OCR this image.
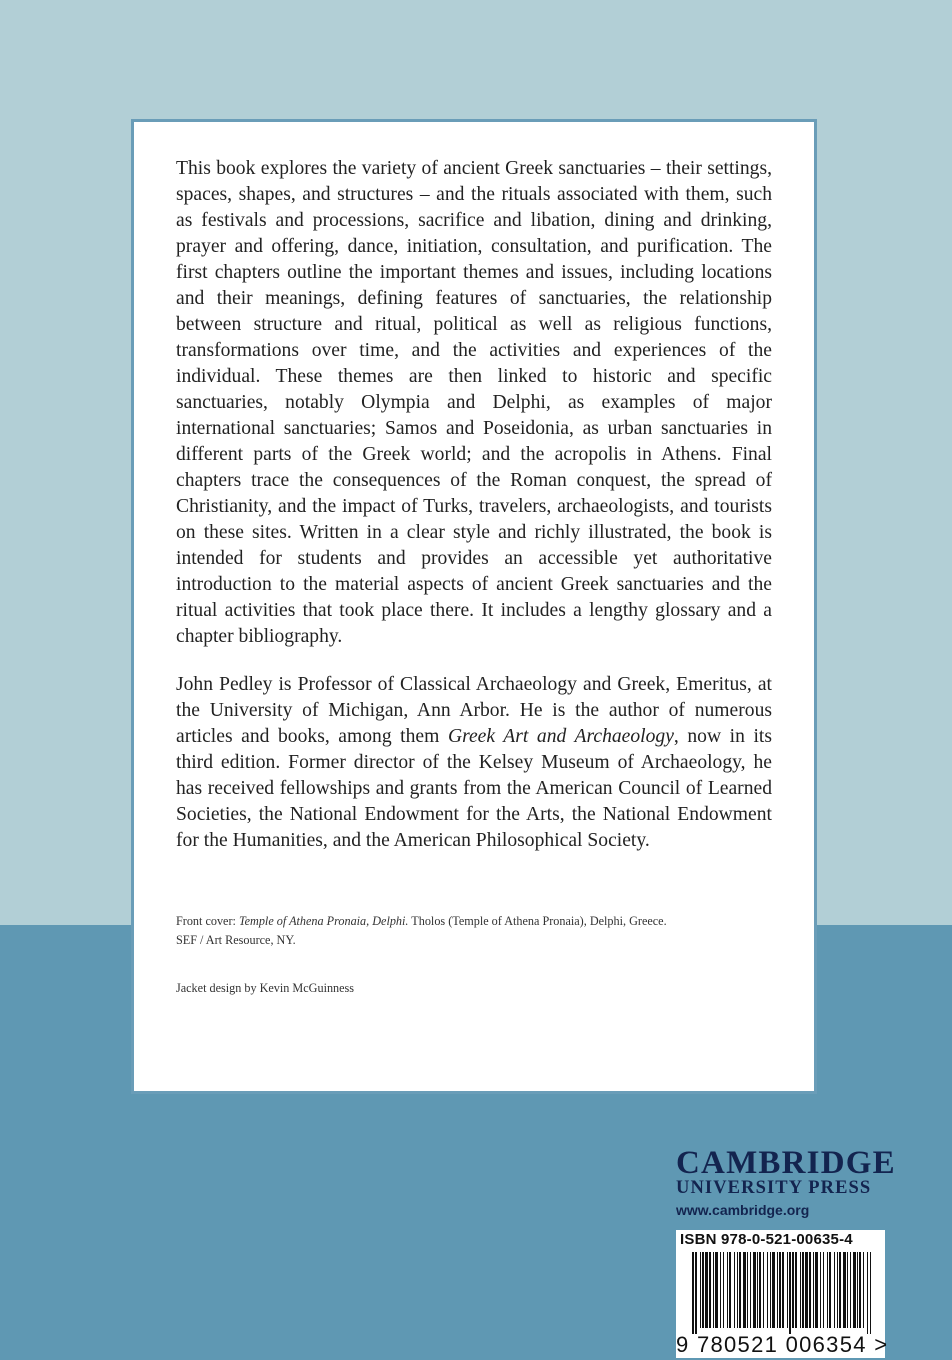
This book explores the variety of ancient Greek sanctuaries – their settings, spaces, shapes, and structures – and the rituals associated with them, such as festivals and processions, sacrifice and libation, dining and drinking, prayer and offering, dance, initiation, consultation, and purification. The first chapters outline the important themes and issues, including locations and their meanings, defining features of sanctuaries, the relationship between structure and ritual, political as well as religious functions, transformations over time, and the activities and experiences of the individual. These themes are then linked to historic and specific sanctuaries, notably Olympia and Delphi, as examples of major international sanctuaries; Samos and Poseidonia, as urban sanctuaries in different parts of the Greek world; and the acropolis in Athens. Final chapters trace the consequences of the Roman conquest, the spread of Christianity, and the impact of Turks, travelers, archaeologists, and tourists on these sites. Written in a clear style and richly illustrated, the book is intended for students and provides an accessible yet authoritative introduction to the material aspects of ancient Greek sanctuaries and the ritual activities that took place there. It includes a lengthy glossary and a chapter bibliography.

John Pedley is Professor of Classical Archaeology and Greek, Emeritus, at the University of Michigan, Ann Arbor. He is the author of numerous articles and books, among them Greek Art and Archaeology, now in its third edition. Former director of the Kelsey Museum of Archaeology, he has received fellowships and grants from the American Council of Learned Societies, the National Endowment for the Arts, the National Endowment for the Humanities, and the American Philosophical Society.

Front cover: Temple of Athena Pronaia, Delphi. Tholos (Temple of Athena Pronaia), Delphi, Greece.
SEF / Art Resource, NY.

Jacket design by Kevin McGuinness

CAMBRIDGE
UNIVERSITY PRESS
www.cambridge.org
ISBN 978-0-521-00635-4
9 780521 006354 >
